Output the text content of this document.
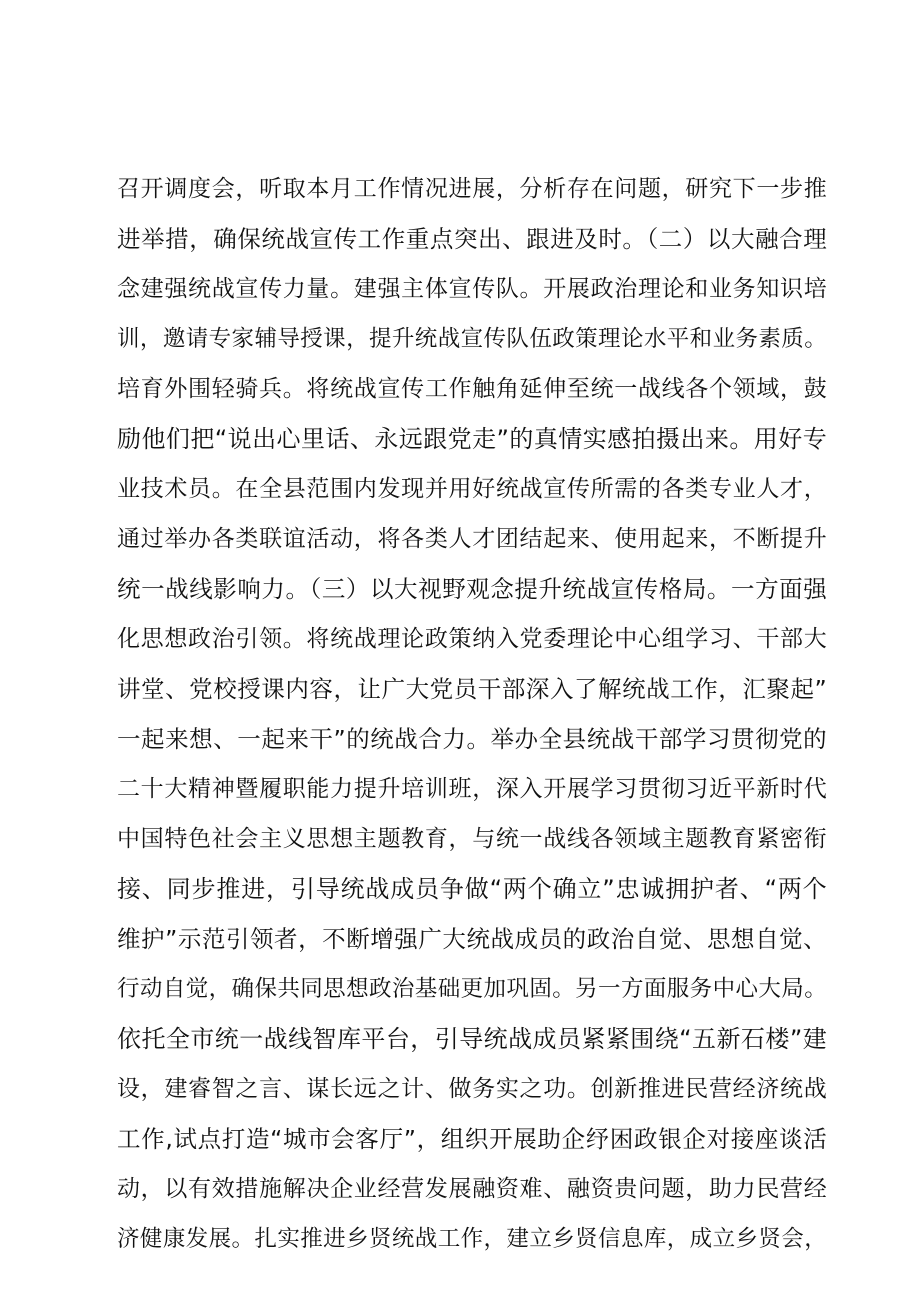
召开调度会，听取本月工作情况进展，分析存在问题，研究下一步推
进举措，确保统战宣传工作重点突出、跟进及时。（二）以大融合理
念建强统战宣传力量。建强主体宣传队。开展政治理论和业务知识培
训，邀请专家辅导授课，提升统战宣传队伍政策理论水平和业务素质。
培育外围轻骑兵。将统战宣传工作触角延伸至统一战线各个领域，鼓
励他们把“说出心里话、永远跟党走”的真情实感拍摄出来。用好专
业技术员。在全县范围内发现并用好统战宣传所需的各类专业人才，
通过举办各类联谊活动，将各类人才团结起来、使用起来，不断提升
统一战线影响力。（三）以大视野观念提升统战宣传格局。一方面强
化思想政治引领。将统战理论政策纳入党委理论中心组学习、干部大
讲堂、党校授课内容，让广大党员干部深入了解统战工作，汇聚起”
一起来想、一起来干”的统战合力。举办全县统战干部学习贯彻党的
二十大精神暨履职能力提升培训班，深入开展学习贯彻习近平新时代
中国特色社会主义思想主题教育，与统一战线各领域主题教育紧密衔
接、同步推进，引导统战成员争做“两个确立”忠诚拥护者、“两个
维护”示范引领者，不断增强广大统战成员的政治自觉、思想自觉、
行动自觉，确保共同思想政治基础更加巩固。另一方面服务中心大局。
依托全市统一战线智库平台，引导统战成员紧紧围绕“五新石楼”建
设，建睿智之言、谋长远之计、做务实之功。创新推进民营经济统战
工作,试点打造“城市会客厅”，组织开展助企纾困政银企对接座谈活
动，以有效措施解决企业经营发展融资难、融资贵问题，助力民营经
济健康发展。扎实推进乡贤统战工作，建立乡贤信息库，成立乡贤会，
